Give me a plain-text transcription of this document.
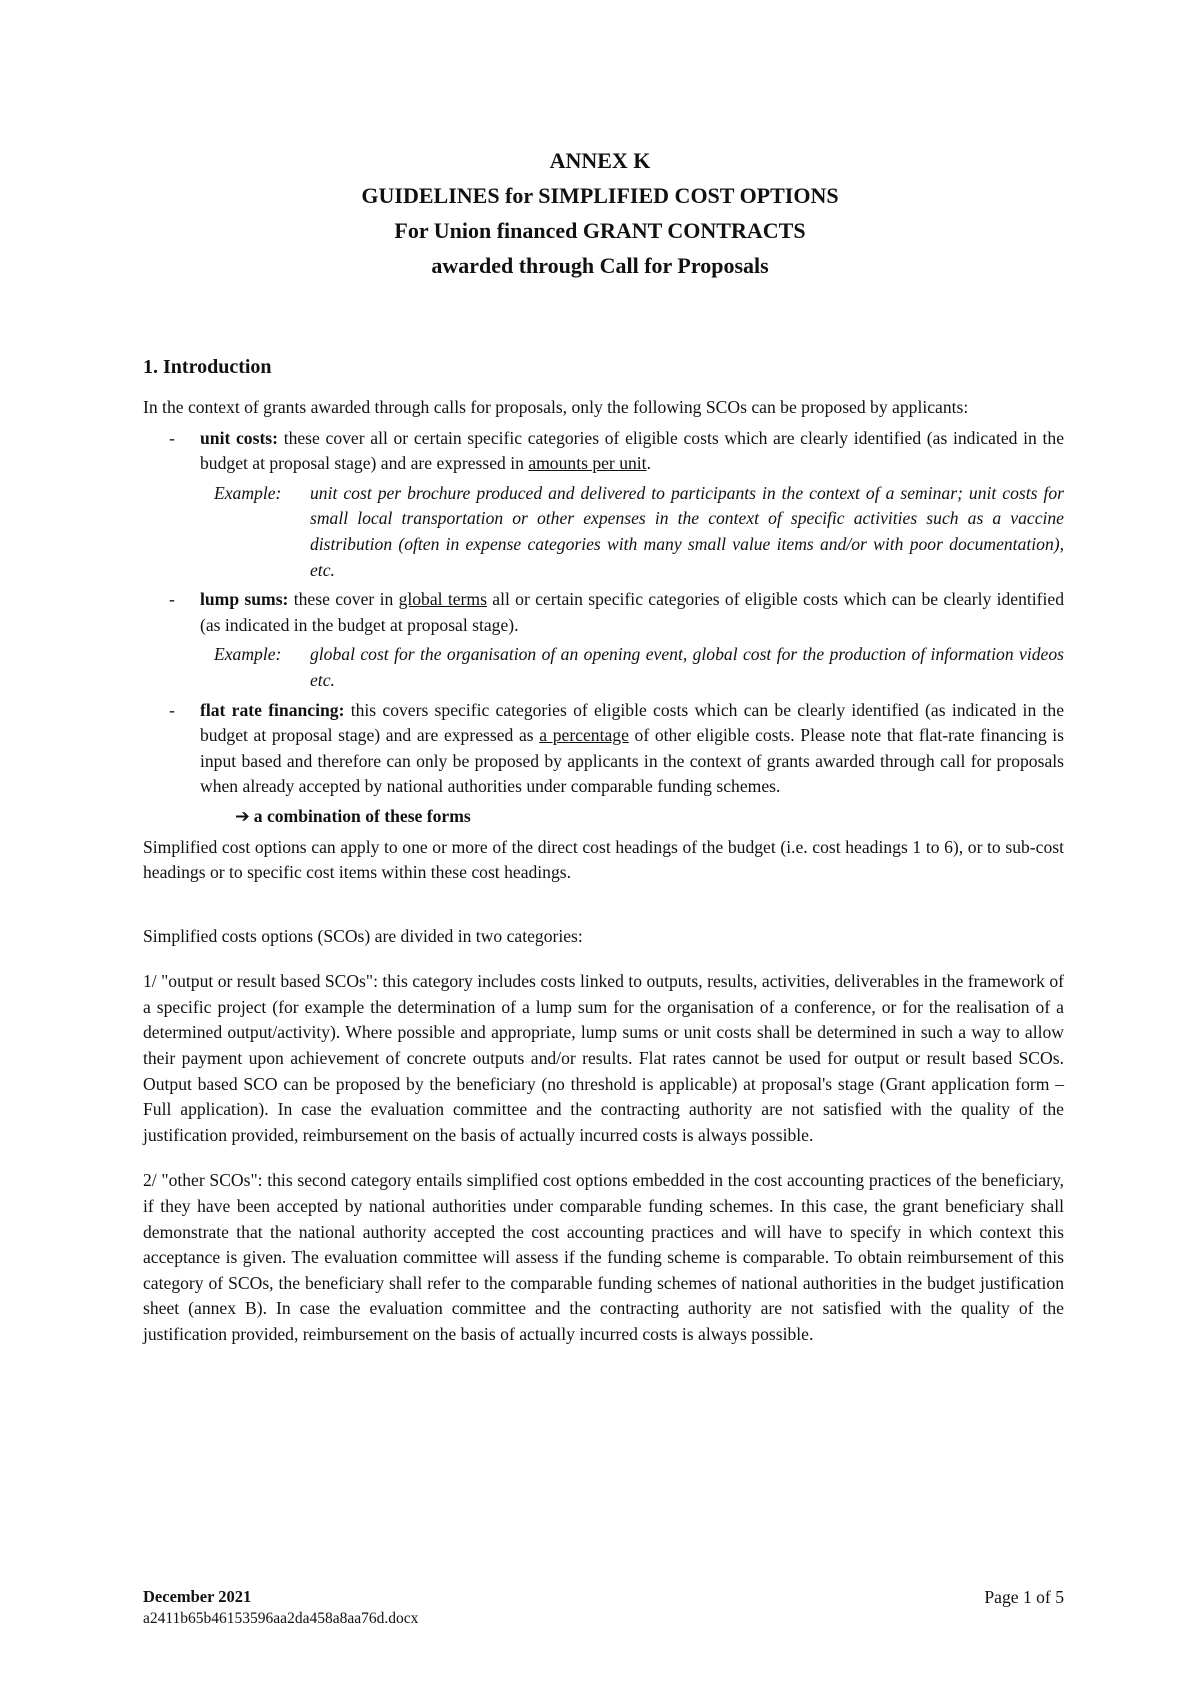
ANNEX K
GUIDELINES for SIMPLIFIED COST OPTIONS
For Union financed GRANT CONTRACTS
awarded through Call for Proposals
1. Introduction

In the context of grants awarded through calls for proposals, only the following SCOs can be proposed by applicants:

- unit costs: these cover all or certain specific categories of eligible costs which are clearly identified (as indicated in the budget at proposal stage) and are expressed in amounts per unit.
Example: unit cost per brochure produced and delivered to participants in the context of a seminar; unit costs for small local transportation or other expenses in the context of specific activities such as a vaccine distribution (often in expense categories with many small value items and/or with poor documentation), etc.
- lump sums: these cover in global terms all or certain specific categories of eligible costs which can be clearly identified (as indicated in the budget at proposal stage).
Example: global cost for the organisation of an opening event, global cost for the production of information videos etc.
- flat rate financing: this covers specific categories of eligible costs which can be clearly identified (as indicated in the budget at proposal stage) and are expressed as a percentage of other eligible costs. Please note that flat-rate financing is input based and therefore can only be proposed by applicants in the context of grants awarded through call for proposals when already accepted by national authorities under comparable funding schemes.
➔ a combination of these forms

Simplified cost options can apply to one or more of the direct cost headings of the budget (i.e. cost headings 1 to 6), or to sub-cost headings or to specific cost items within these cost headings.

Simplified costs options (SCOs) are divided in two categories:

1/ "output or result based SCOs": this category includes costs linked to outputs, results, activities, deliverables in the framework of a specific project (for example the determination of a lump sum for the organisation of a conference, or for the realisation of a determined output/activity). Where possible and appropriate, lump sums or unit costs shall be determined in such a way to allow their payment upon achievement of concrete outputs and/or results. Flat rates cannot be used for output or result based SCOs. Output based SCO can be proposed by the beneficiary (no threshold is applicable) at proposal's stage (Grant application form – Full application). In case the evaluation committee and the contracting authority are not satisfied with the quality of the justification provided, reimbursement on the basis of actually incurred costs is always possible.

2/ "other SCOs": this second category entails simplified cost options embedded in the cost accounting practices of the beneficiary, if they have been accepted by national authorities under comparable funding schemes. In this case, the grant beneficiary shall demonstrate that the national authority accepted the cost accounting practices and will have to specify in which context this acceptance is given. The evaluation committee will assess if the funding scheme is comparable. To obtain reimbursement of this category of SCOs, the beneficiary shall refer to the comparable funding schemes of national authorities in the budget justification sheet (annex B). In case the evaluation committee and the contracting authority are not satisfied with the quality of the justification provided, reimbursement on the basis of actually incurred costs is always possible.

December 2021	Page 1 of 5
a2411b65b46153596aa2da458a8aa76d.docx
